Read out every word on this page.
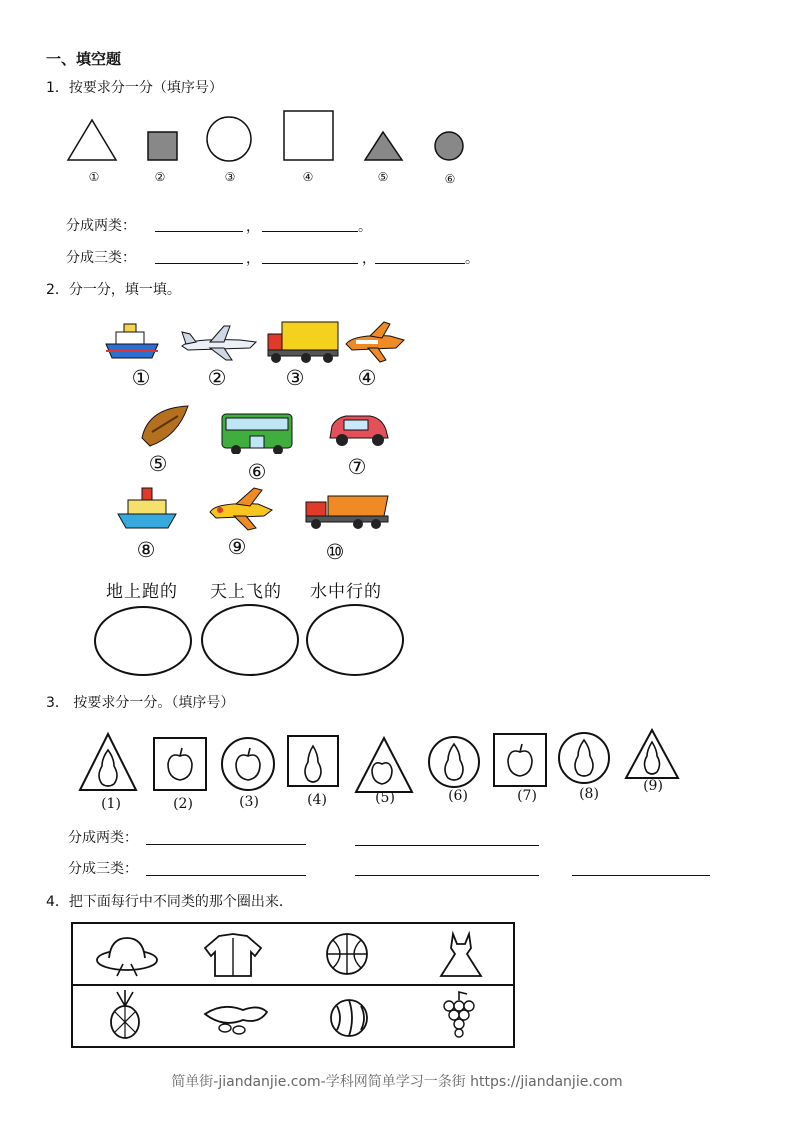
一、填空题
1．按要求分一分（填序号）
①	②	③	④	⑤	⑥
分成两类：	，	。
分成三类：	，	，	。
2．分一分，填一填。
①	②	③	④
⑤	⑥	⑦
⑧	⑨	⑩
地上跑的 天上飞的 水中行的
3． 按要求分一分。（填序号）
(1)	(2)	(3)	(4)	(5)	(6)	(7)	(8)	(9)
分成两类：
分成三类：
4．把下面每行中不同类的那个圈出来．
简单街-jiandanjie.com-学科网简单学习一条街 https://jiandanjie.com
